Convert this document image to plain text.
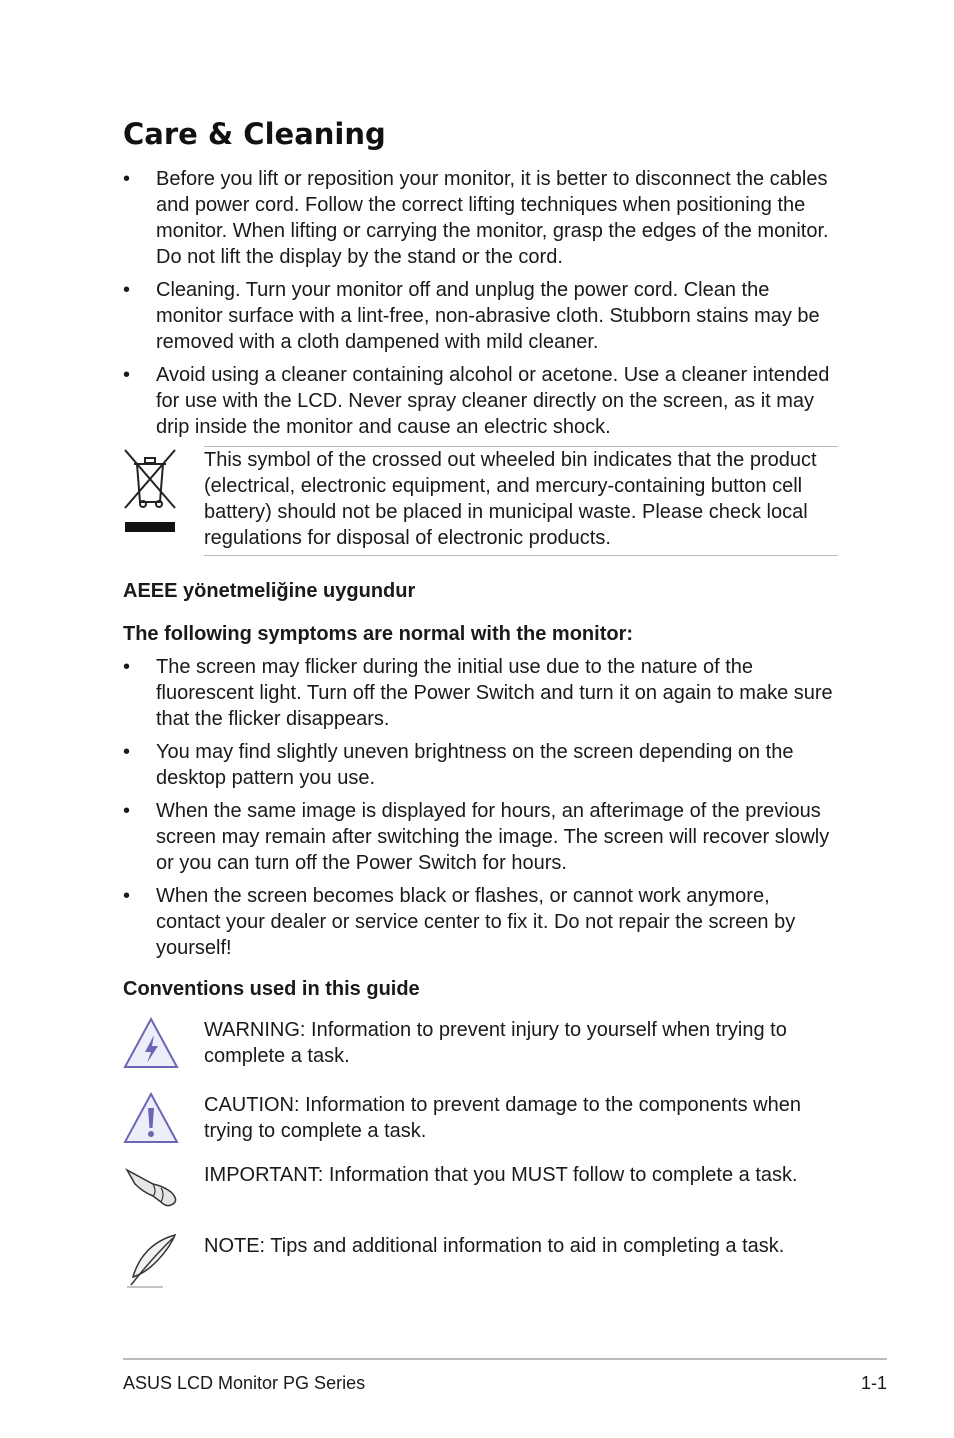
Care & Cleaning
•	Before you lift or reposition your monitor, it is better to disconnect the cables and power cord. Follow the correct lifting techniques when positioning the monitor. When lifting or carrying the monitor, grasp the edges of the monitor. Do not lift the display by the stand or the cord.
•	Cleaning. Turn your monitor off and unplug the power cord. Clean the monitor surface with a lint-free, non-abrasive cloth. Stubborn stains may be removed with a cloth dampened with mild cleaner.
•	Avoid using a cleaner containing alcohol or acetone. Use a cleaner intended for use with the LCD. Never spray cleaner directly on the screen, as it may drip inside the monitor and cause an electric shock.
This symbol of the crossed out wheeled bin indicates that the product (electrical, electronic equipment, and mercury-containing button cell battery) should not be placed in municipal waste. Please check local regulations for disposal of electronic products.
AEEE yönetmeliğine uygundur
The following symptoms are normal with the monitor:
•	The screen may flicker during the initial use due to the nature of the fluorescent light. Turn off the Power Switch and turn it on again to make sure that the flicker disappears.
•	You may find slightly uneven brightness on the screen depending on the desktop pattern you use.
•	When the same image is displayed for hours, an afterimage of the previous screen may remain after switching the image. The screen will recover slowly or you can turn off the Power Switch for hours.
•	When the screen becomes black or flashes, or cannot work anymore, contact your dealer or service center to fix it. Do not repair the screen by yourself!
Conventions used in this guide
WARNING: Information to prevent injury to yourself when trying to complete a task.
CAUTION: Information to prevent damage to the components when trying to complete a task.
IMPORTANT: Information that you MUST follow to complete a task.
NOTE: Tips and additional information to aid in completing a task.
ASUS LCD Monitor PG Series	1-1
